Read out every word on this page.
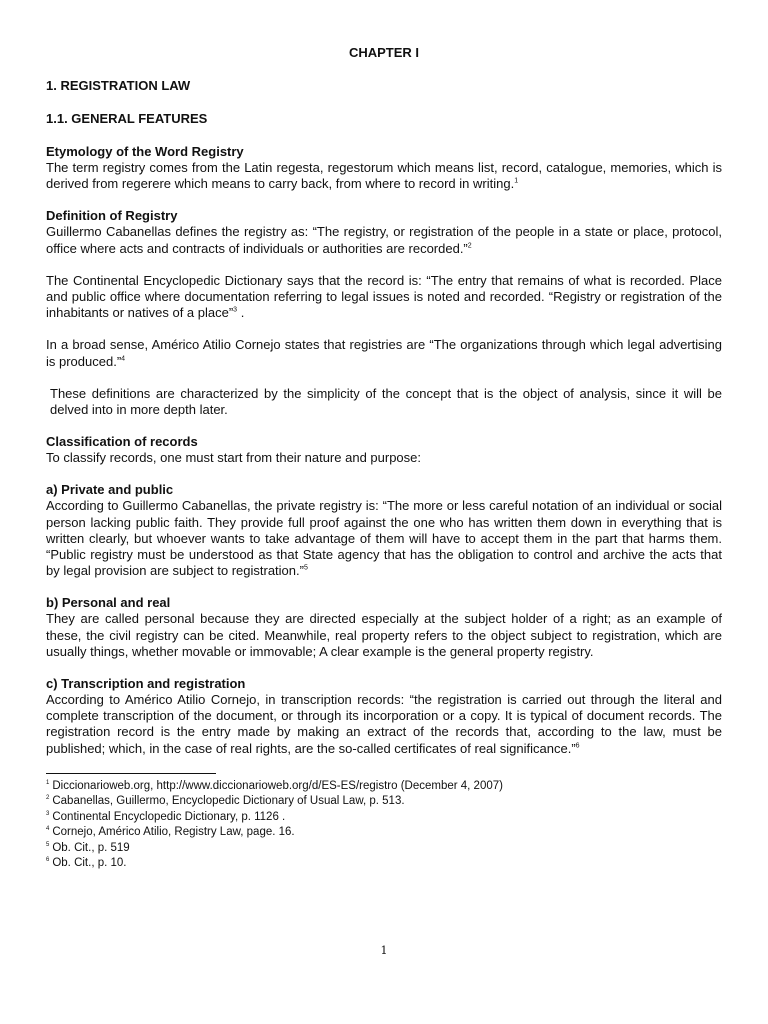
CHAPTER I
1. REGISTRATION LAW
1.1. GENERAL FEATURES
Etymology of the Word Registry

The term registry comes from the Latin regesta, regestorum which means list, record, catalogue, memories, which is derived from regerere which means to carry back, from where to record in writing.$^1$

Definition of Registry

Guillermo Cabanellas defines the registry as: “The registry, or registration of the people in a state or place, protocol, office where acts and contracts of individuals or authorities are recorded.”$^2$

The Continental Encyclopedic Dictionary says that the record is: “The entry that remains of what is recorded. Place and public office where documentation referring to legal issues is noted and recorded. “Registry or registration of the inhabitants or natives of a place”$^3$ .

In a broad sense, Américo Atilio Cornejo states that registries are “The organizations through which legal advertising is produced.”$^4$

These definitions are characterized by the simplicity of the concept that is the object of analysis, since it will be delved into in more depth later.

Classification of records

To classify records, one must start from their nature and purpose:

a) Private and public

According to Guillermo Cabanellas, the private registry is: “The more or less careful notation of an individual or social person lacking public faith. They provide full proof against the one who has written them down in everything that is written clearly, but whoever wants to take advantage of them will have to accept them in the part that harms them. “Public registry must be understood as that State agency that has the obligation to control and archive the acts that by legal provision are subject to registration.”$^5$

b) Personal and real

They are called personal because they are directed especially at the subject holder of a right; as an example of these, the civil registry can be cited. Meanwhile, real property refers to the object subject to registration, which are usually things, whether movable or immovable; A clear example is the general property registry.

c) Transcription and registration

According to Américo Atilio Cornejo, in transcription records: “the registration is carried out through the literal and complete transcription of the document, or through its incorporation or a copy. It is typical of document records. The registration record is the entry made by making an extract of the records that, according to the law, must be published; which, in the case of real rights, are the so-called certificates of real significance.”$^6$

$^1$ Diccionarioweb.org, http://www.diccionarioweb.org/d/ES-ES/registro (December 4, 2007)
$^2$ Cabanellas, Guillermo, Encyclopedic Dictionary of Usual Law, p. 513.
$^3$ Continental Encyclopedic Dictionary, p. 1126 .
$^4$ Cornejo, Américo Atilio, Registry Law, page. 16.
$^5$ Ob. Cit., p. 519
$^6$ Ob. Cit., p. 10.
1
